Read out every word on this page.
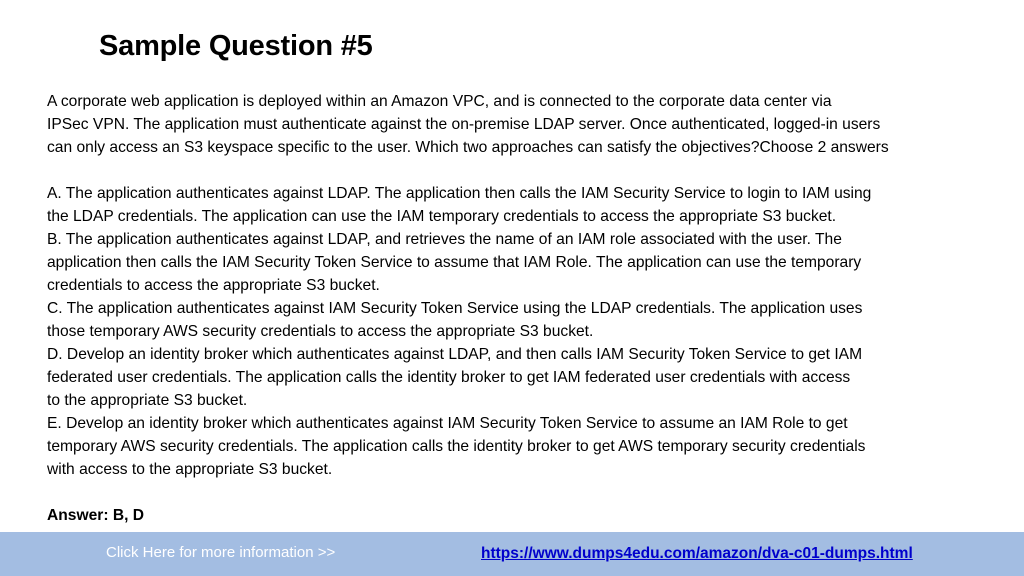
Sample Question #5

A corporate web application is deployed within an Amazon VPC, and is connected to the corporate data center via

IPSec VPN. The application must authenticate against the on-premise LDAP server. Once authenticated, logged-in users

can only access an S3 keyspace specific to the user. Which two approaches can satisfy the objectives?Choose 2 answers

A. The application authenticates against LDAP. The application then calls the IAM Security Service to login to IAM using

the LDAP credentials. The application can use the IAM temporary credentials to access the appropriate S3 bucket.

B. The application authenticates against LDAP, and retrieves the name of an IAM role associated with the user. The

application then calls the IAM Security Token Service to assume that IAM Role. The application can use the temporary

credentials to access the appropriate S3 bucket.

C. The application authenticates against IAM Security Token Service using the LDAP credentials. The application uses

those temporary AWS security credentials to access the appropriate S3 bucket.

D. Develop an identity broker which authenticates against LDAP, and then calls IAM Security Token Service to get IAM

federated user credentials. The application calls the identity broker to get IAM federated user credentials with access

to the appropriate S3 bucket.

E. Develop an identity broker which authenticates against IAM Security Token Service to assume an IAM Role to get

temporary AWS security credentials. The application calls the identity broker to get AWS temporary security credentials

with access to the appropriate S3 bucket.

Answer: B, D

Click Here for more information >>	https://www.dumps4edu.com/amazon/dva-c01-dumps.html
